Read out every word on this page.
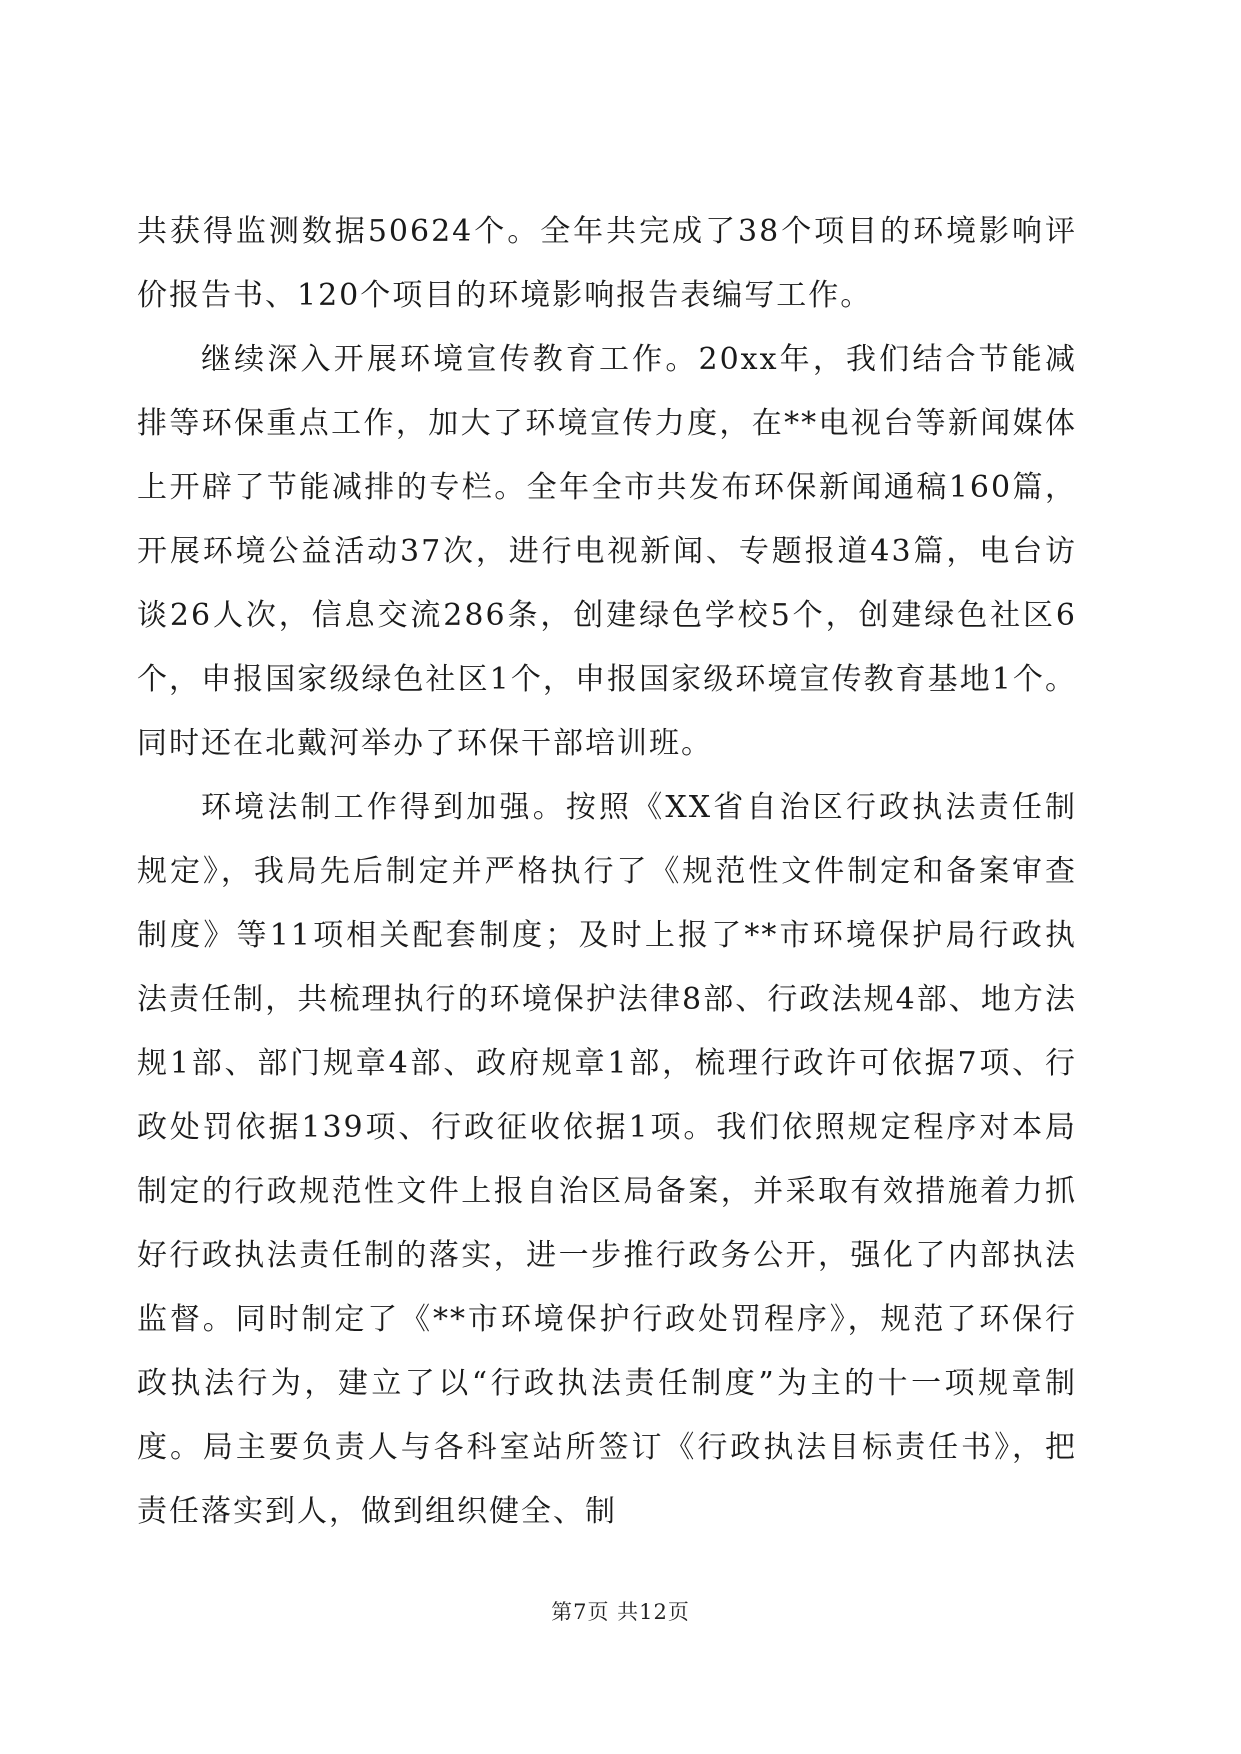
共获得监测数据50624个。全年共完成了38个项目的环境影响评价报告书、120个项目的环境影响报告表编写工作。

继续深入开展环境宣传教育工作。20xx年，我们结合节能减排等环保重点工作，加大了环境宣传力度，在**电视台等新闻媒体上开辟了节能减排的专栏。全年全市共发布环保新闻通稿160篇，开展环境公益活动37次，进行电视新闻、专题报道43篇，电台访谈26人次，信息交流286条，创建绿色学校5个，创建绿色社区6个，申报国家级绿色社区1个，申报国家级环境宣传教育基地1个。同时还在北戴河举办了环保干部培训班。

环境法制工作得到加强。按照《XX省自治区行政执法责任制规定》，我局先后制定并严格执行了《规范性文件制定和备案审查制度》等11项相关配套制度；及时上报了**市环境保护局行政执法责任制，共梳理执行的环境保护法律8部、行政法规4部、地方法规1部、部门规章4部、政府规章1部，梳理行政许可依据7项、行政处罚依据139项、行政征收依据1项。我们依照规定程序对本局制定的行政规范性文件上报自治区局备案，并采取有效措施着力抓好行政执法责任制的落实，进一步推行政务公开，强化了内部执法监督。同时制定了《**市环境保护行政处罚程序》，规范了环保行政执法行为，建立了以“行政执法责任制度”为主的十一项规章制度。局主要负责人与各科室站所签订《行政执法目标责任书》，把责任落实到人，做到组织健全、制

第7页 共12页
